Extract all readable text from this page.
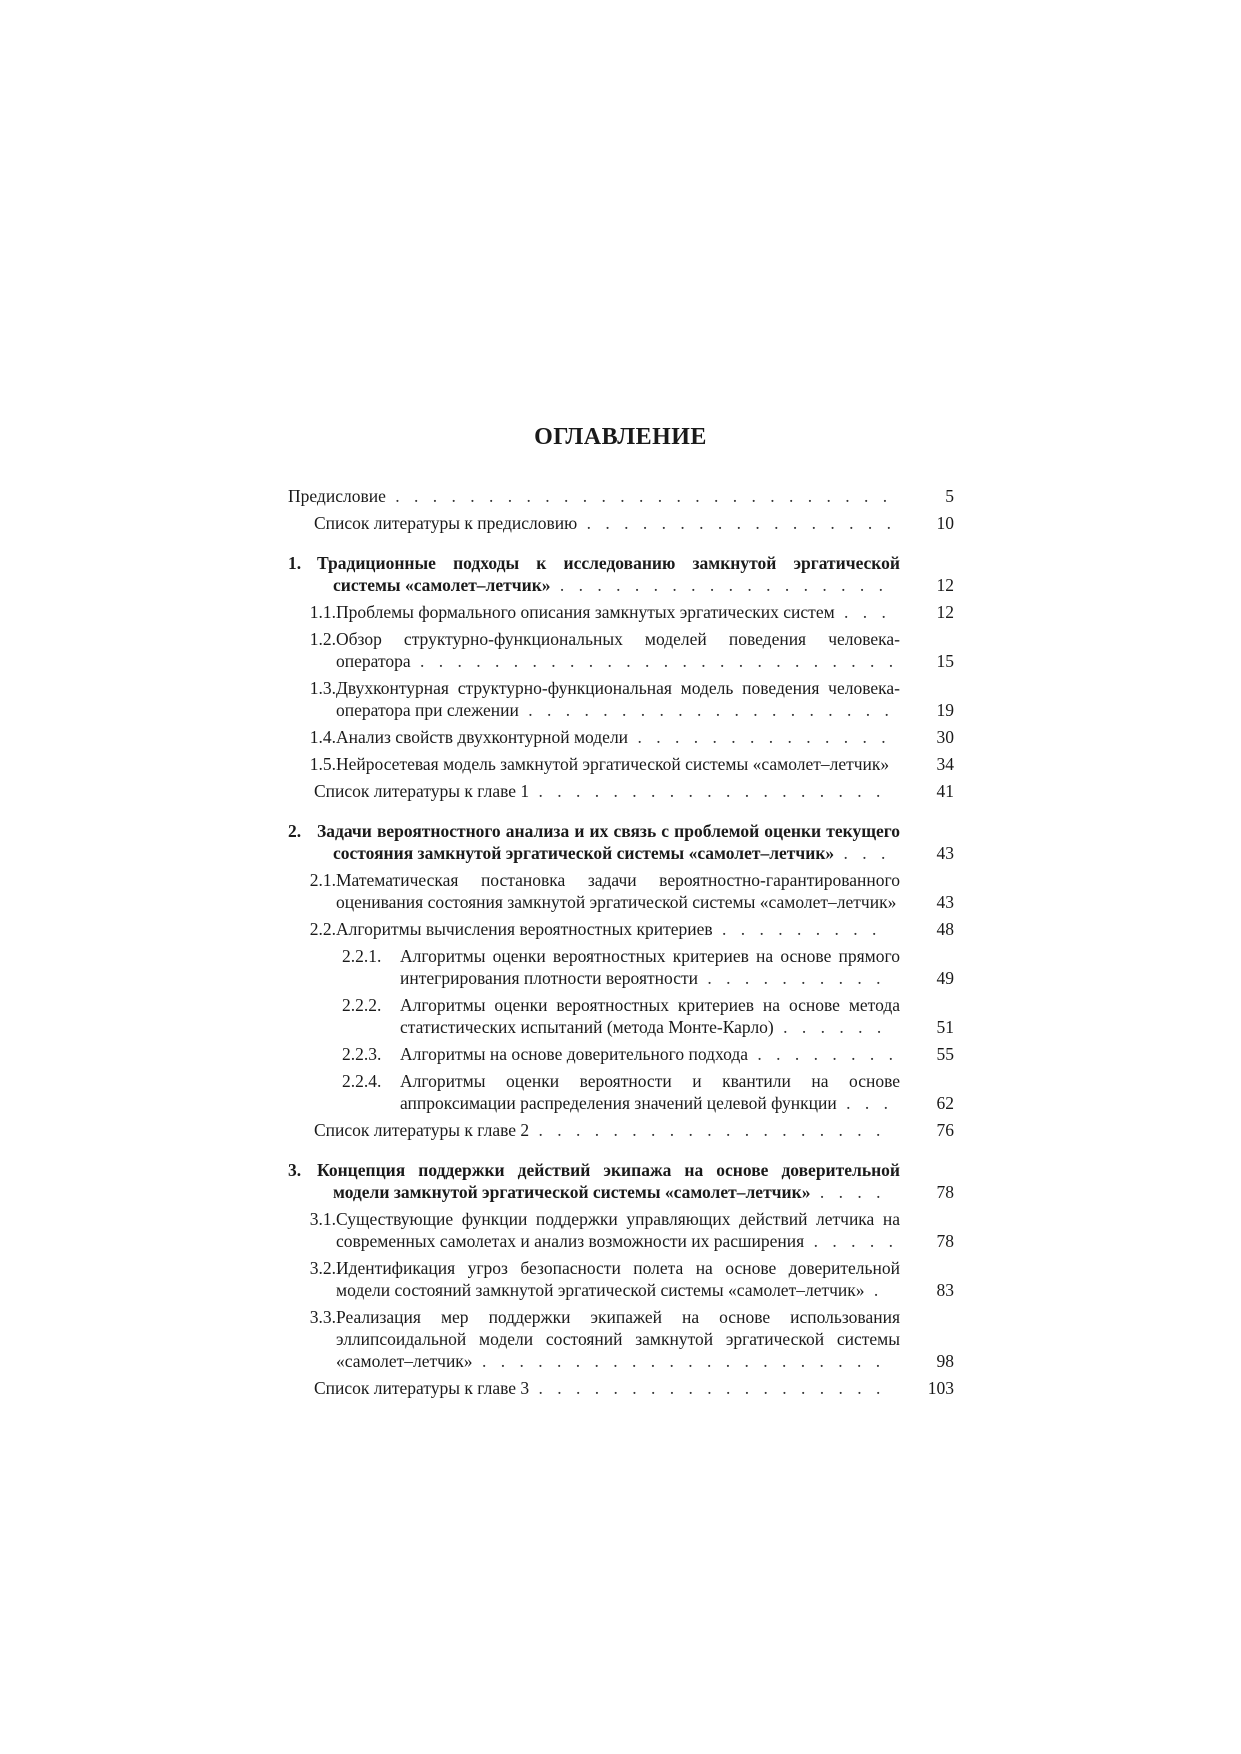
ОГЛАВЛЕНИЕ
Предисловие . . . . . . . . . . . . . . . . . . . . . . . . . . .	5
Список литературы к предисловию . . . . . . . . . . . . . . . . .	10
1. Традиционные подходы к исследованию замкнутой эргатической системы «самолет–летчик» . . . . . . . . . . . . . . . . . .	12
1.1.Проблемы формального описания замкнутых эргатических систем . . .	12
1.2.Обзор структурно-функциональных моделей поведения человека-оператора . . . . . . . . . . . . . . . . . . . . . . . . . .	15
1.3.Двухконтурная структурно-функциональная модель поведения человека-оператора при слежении . . . . . . . . . . . . . . . . . . . .	19
1.4.Анализ свойств двухконтурной модели . . . . . . . . . . . . . .	30
1.5.Нейросетевая модель замкнутой эргатической системы «самолет–летчик»	34
Список литературы к главе 1 . . . . . . . . . . . . . . . . . . .	41
2. Задачи вероятностного анализа и их связь с проблемой оценки текущего состояния замкнутой эргатической системы «самолет–летчик» . . .	43
2.1.Математическая постановка задачи вероятностно-гарантированного оценивания состояния замкнутой эргатической системы «самолет–летчик»	43
2.2.Алгоритмы вычисления вероятностных критериев . . . . . . . . .	48
2.2.1. Алгоритмы оценки вероятностных критериев на основе прямого интегрирования плотности вероятности . . . . . . . . . .	49
2.2.2. Алгоритмы оценки вероятностных критериев на основе метода статистических испытаний (метода Монте-Карло) . . . . . .	51
2.2.3. Алгоритмы на основе доверительного подхода . . . . . . . .	55
2.2.4. Алгоритмы оценки вероятности и квантили на основе аппроксимации распределения значений целевой функции . . .	62
Список литературы к главе 2 . . . . . . . . . . . . . . . . . . .	76
3. Концепция поддержки действий экипажа на основе доверительной модели замкнутой эргатической системы «самолет–летчик» . . . .	78
3.1.Существующие функции поддержки управляющих действий летчика на современных самолетах и анализ возможности их расширения . . . . .	78
3.2.Идентификация угроз безопасности полета на основе доверительной модели состояний замкнутой эргатической системы «самолет–летчик» .	83
3.3.Реализация мер поддержки экипажей на основе использования эллипсоидальной модели состояний замкнутой эргатической системы «самолет–летчик» . . . . . . . . . . . . . . . . . . . . . .	98
Список литературы к главе 3 . . . . . . . . . . . . . . . . . . .	103
